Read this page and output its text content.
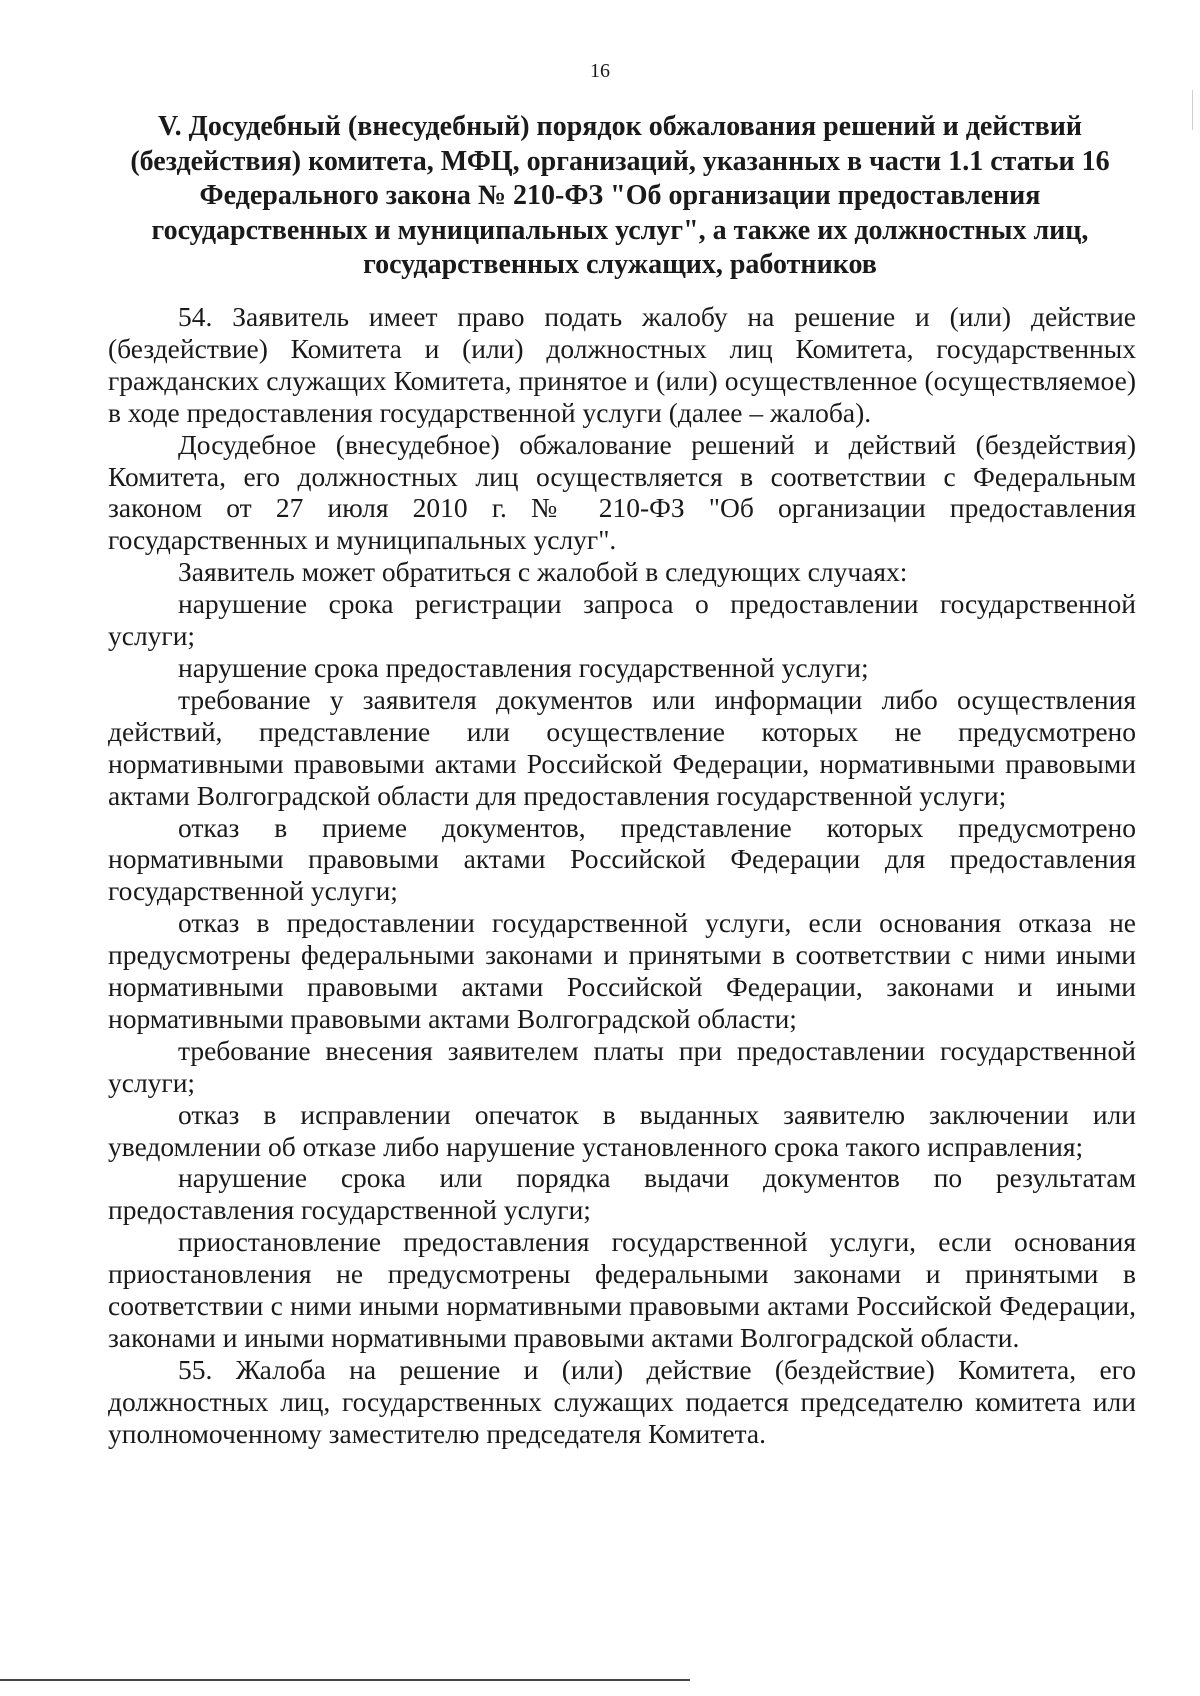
16
V. Досудебный (внесудебный) порядок обжалования решений и действий (бездействия) комитета, МФЦ, организаций, указанных в части 1.1 статьи 16 Федерального закона № 210-ФЗ "Об организации предоставления государственных и муниципальных услуг", а также их должностных лиц, государственных служащих, работников

54. Заявитель имеет право подать жалобу на решение и (или) действие (бездействие) Комитета и (или) должностных лиц Комитета, государственных гражданских служащих Комитета, принятое и (или) осуществленное (осуществляемое) в ходе предоставления государственной услуги (далее – жалоба).

Досудебное (внесудебное) обжалование решений и действий (бездействия) Комитета, его должностных лиц осуществляется в соответствии с Федеральным законом от 27 июля 2010 г. № 210-ФЗ "Об организации предоставления государственных и муниципальных услуг".

Заявитель может обратиться с жалобой в следующих случаях:

нарушение срока регистрации запроса о предоставлении государственной услуги;

нарушение срока предоставления государственной услуги;

требование у заявителя документов или информации либо осуществления действий, представление или осуществление которых не предусмотрено нормативными правовыми актами Российской Федерации, нормативными правовыми актами Волгоградской области для предоставления государственной услуги;

отказ в приеме документов, представление которых предусмотрено нормативными правовыми актами Российской Федерации для предоставления государственной услуги;

отказ в предоставлении государственной услуги, если основания отказа не предусмотрены федеральными законами и принятыми в соответствии с ними иными нормативными правовыми актами Российской Федерации, законами и иными нормативными правовыми актами Волгоградской области;

требование внесения заявителем платы при предоставлении государственной услуги;

отказ в исправлении опечаток в выданных заявителю заключении или уведомлении об отказе либо нарушение установленного срока такого исправления;

нарушение срока или порядка выдачи документов по результатам предоставления государственной услуги;

приостановление предоставления государственной услуги, если основания приостановления не предусмотрены федеральными законами и принятыми в соответствии с ними иными нормативными правовыми актами Российской Федерации, законами и иными нормативными правовыми актами Волгоградской области.

55. Жалоба на решение и (или) действие (бездействие) Комитета, его должностных лиц, государственных служащих подается председателю комитета или уполномоченному заместителю председателя Комитета.
